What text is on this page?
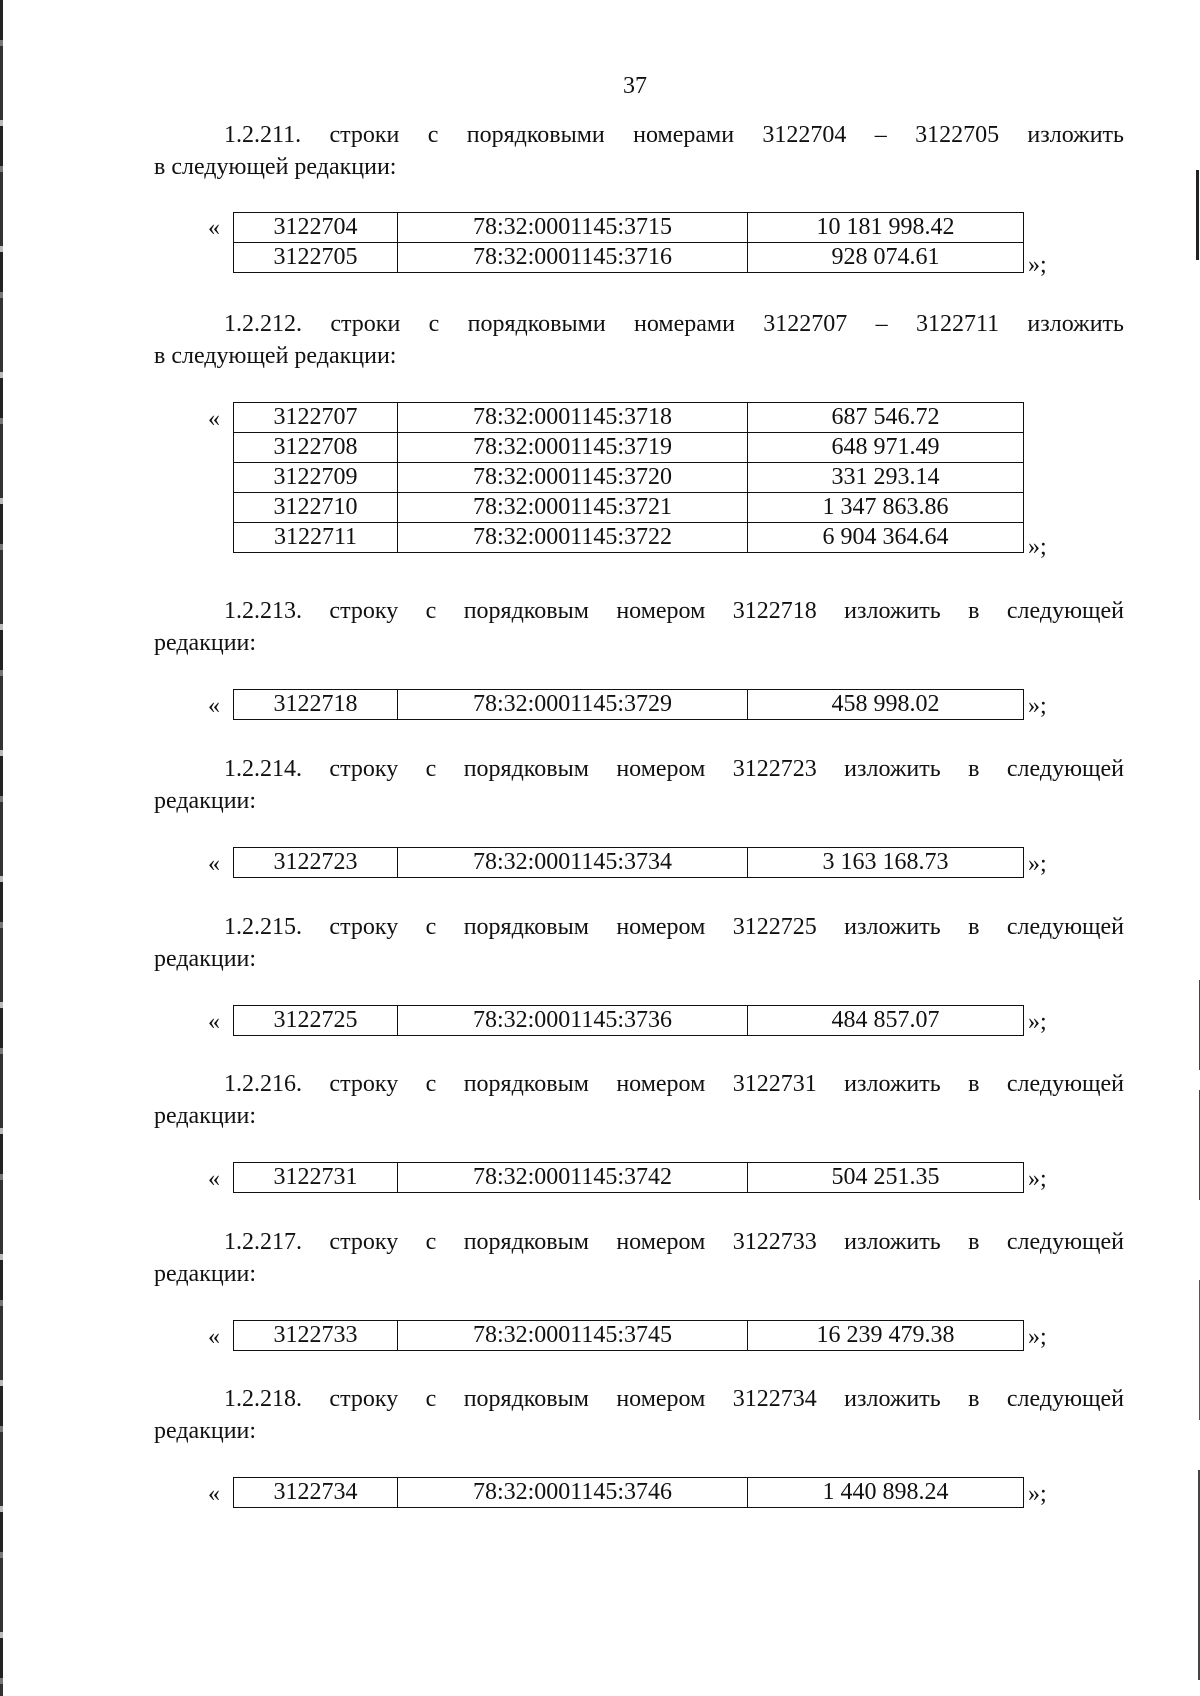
37
1.2.211. строки с порядковыми номерами 3122704 – 3122705 изложить
в следующей редакции:
« 3122704	78:32:0001145:3715	10 181 998.42
3122705	78:32:0001145:3716	928 074.61	»;
1.2.212. строки с порядковыми номерами 3122707 – 3122711 изложить
в следующей редакции:
« 3122707	78:32:0001145:3718	687 546.72
3122708	78:32:0001145:3719	648 971.49
3122709	78:32:0001145:3720	331 293.14
3122710	78:32:0001145:3721	1 347 863.86
3122711	78:32:0001145:3722	6 904 364.64	»;
1.2.213. строку с порядковым номером 3122718 изложить в следующей
редакции:
« 3122718	78:32:0001145:3729	458 998.02	»;
1.2.214. строку с порядковым номером 3122723 изложить в следующей
редакции:
« 3122723	78:32:0001145:3734	3 163 168.73	»;
1.2.215. строку с порядковым номером 3122725 изложить в следующей
редакции:
« 3122725	78:32:0001145:3736	484 857.07	»;
1.2.216. строку с порядковым номером 3122731 изложить в следующей
редакции:
« 3122731	78:32:0001145:3742	504 251.35	»;
1.2.217. строку с порядковым номером 3122733 изложить в следующей
редакции:
« 3122733	78:32:0001145:3745	16 239 479.38	»;
1.2.218. строку с порядковым номером 3122734 изложить в следующей
редакции:
« 3122734	78:32:0001145:3746	1 440 898.24	»;
